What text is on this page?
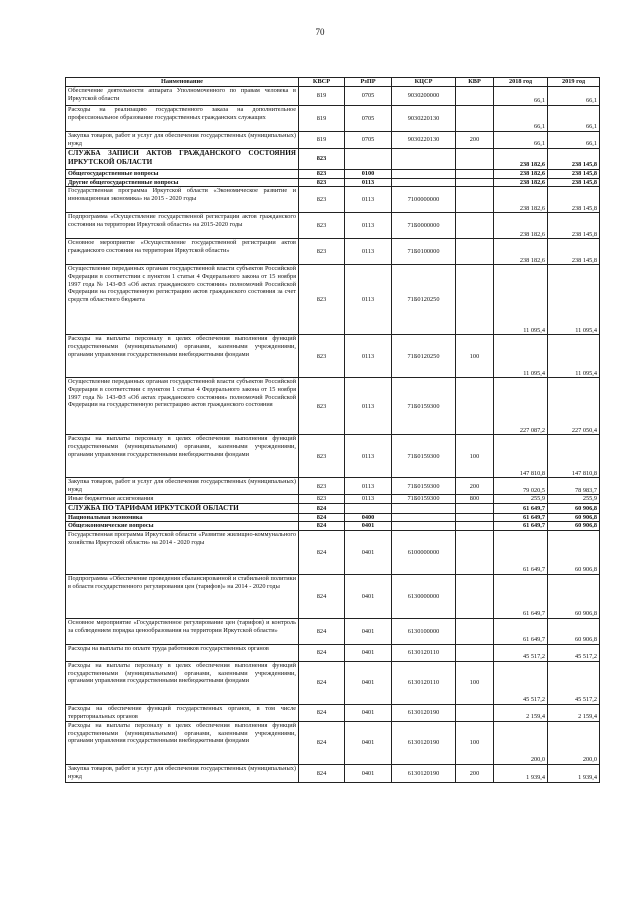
70
Наименование	КВСР	РзПР	КЦСР	КВР	2018 год	2019 год
Обеспечение деятельности аппарата Уполномоченного по правам человека в Иркутской области	819	0705	9030200000		66,1	66,1
Расходы на реализацию государственного заказа на дополнительное профессиональное образование государственных гражданских служащих	819	0705	9030220130		66,1	66,1
Закупка товаров, работ и услуг для обеспечения государственных (муниципальных) нужд	819	0705	9030220130	200	66,1	66,1
СЛУЖБА ЗАПИСИ АКТОВ ГРАЖДАНСКОГО СОСТОЯНИЯ ИРКУТСКОЙ ОБЛАСТИ	823				238 182,6	238 145,8
Общегосударственные вопросы	823	0100			238 182,6	238 145,8
Другие общегосударственные вопросы	823	0113			238 182,6	238 145,8
Государственная программа Иркутской области «Экономическое развитие и инновационная экономика» на 2015 - 2020 годы	823	0113	7100000000		238 182,6	238 145,8
Подпрограмма «Осуществление государственной регистрации актов гражданского состояния на территории Иркутской области» на 2015-2020 годы	823	0113	71Б0000000		238 182,6	238 145,8
Основное мероприятие «Осуществление государственной регистрации актов гражданского состояния на территории Иркутской области»	823	0113	71Б0100000		238 182,6	238 145,8
Осуществление переданных органам государственной власти субъектов Российской Федерации в соответствии с пунктом 1 статьи 4 Федерального закона от 15 ноября 1997 года № 143-ФЗ «Об актах гражданского состояния» полномочий Российской Федерации на государственную регистрацию актов гражданского состояния за счет средств областного бюджета	823	0113	71Б0120250		11 095,4	11 095,4
Расходы на выплаты персоналу в целях обеспечения выполнения функций государственными (муниципальными) органами, казенными учреждениями, органами управления государственными внебюджетными фондами	823	0113	71Б0120250	100	11 095,4	11 095,4
Осуществление переданных органам государственной власти субъектов Российской Федерации в соответствии с пунктом 1 статьи 4 Федерального закона от 15 ноября 1997 года № 143-ФЗ «Об актах гражданского состояния» полномочий Российской Федерации на государственную регистрацию актов гражданского состояния	823	0113	71Б0159300		227 087,2	227 050,4
Расходы на выплаты персоналу в целях обеспечения выполнения функций государственными (муниципальными) органами, казенными учреждениями, органами управления государственными внебюджетными фондами	823	0113	71Б0159300	100	147 810,8	147 810,8
Закупка товаров, работ и услуг для обеспечения государственных (муниципальных) нужд	823	0113	71Б0159300	200	79 020,5	78 983,7
Иные бюджетные ассигнования	823	0113	71Б0159300	800	255,9	255,9
СЛУЖБА ПО ТАРИФАМ ИРКУТСКОЙ ОБЛАСТИ	824				61 649,7	60 906,8
Национальная экономика	824	0400			61 649,7	60 906,8
Общеэкономические вопросы	824	0401			61 649,7	60 906,8
Государственная программа Иркутской области «Развитие жилищно-коммунального хозяйства Иркутской области» на 2014 - 2020 годы	824	0401	6100000000		61 649,7	60 906,8
Подпрограмма «Обеспечение проведения сбалансированной и стабильной политики в области государственного регулирования цен (тарифов)» на 2014 - 2020 годы	824	0401	6130000000		61 649,7	60 906,8
Основное мероприятие «Государственное регулирование цен (тарифов) и контроль за соблюдением порядка ценообразования на территории Иркутской области»	824	0401	6130100000		61 649,7	60 906,8
Расходы на выплаты по оплате труда работников государственных органов	824	0401	6130120110		45 517,2	45 517,2
Расходы на выплаты персоналу в целях обеспечения выполнения функций государственными (муниципальными) органами, казенными учреждениями, органами управления государственными внебюджетными фондами	824	0401	6130120110	100	45 517,2	45 517,2
Расходы на обеспечение функций государственных органов, в том числе территориальных органов	824	0401	6130120190		2 159,4	2 159,4
Расходы на выплаты персоналу в целях обеспечения выполнения функций государственными (муниципальными) органами, казенными учреждениями, органами управления государственными внебюджетными фондами	824	0401	6130120190	100	200,0	200,0
Закупка товаров, работ и услуг для обеспечения государственных (муниципальных) нужд	824	0401	6130120190	200	1 939,4	1 939,4
